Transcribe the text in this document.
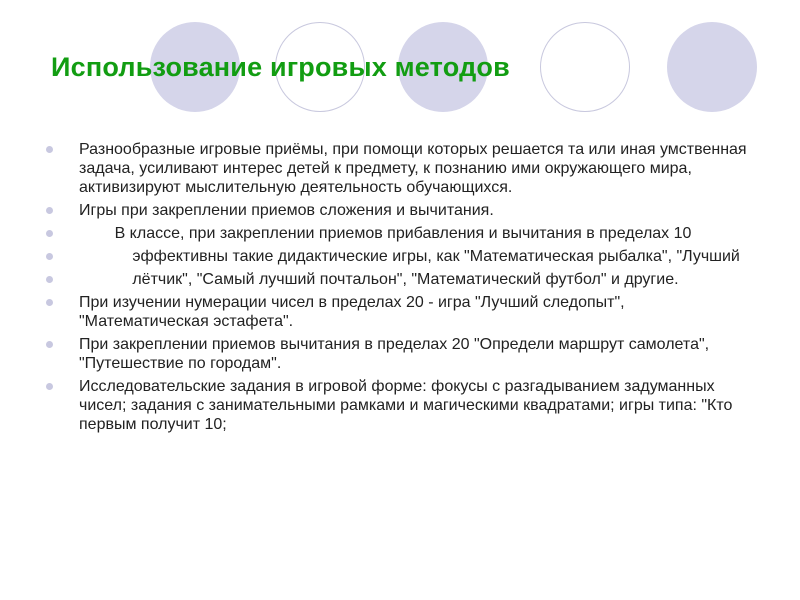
Использование игровых методов
Разнообразные игровые приёмы, при помощи которых решается та или иная умственная задача, усиливают интерес детей к предмету, к познанию ими окружающего мира, активизируют мыслительную деятельность обучающихся.
Игры при закреплении приемов сложения и вычитания.
В классе, при закреплении приемов прибавления и вычитания в пределах 10
эффективны такие дидактические игры, как "Математическая рыбалка", "Лучший
лётчик", "Самый лучший почтальон", "Математический футбол" и другие.
При изучении нумерации чисел в пределах 20 - игра "Лучший следопыт", "Математическая эстафета".
При закреплении приемов вычитания в пределах 20 "Определи маршрут самолета", "Путешествие по городам".
Исследовательские задания в игровой форме: фокусы с разгадыванием задуманных чисел; задания с занимательными рамками и магическими квадратами; игры типа: "Кто первым получит 10;
